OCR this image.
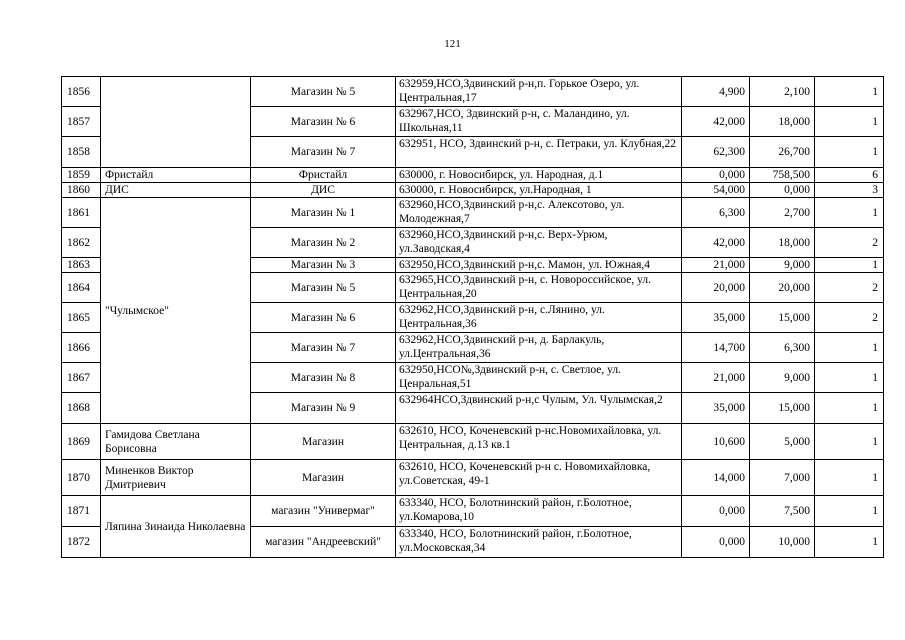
121
1856		Магазин № 5	632959,НСО,Здвинский р-н,п. Горькое Озеро, ул. Центральная,17	4,900	2,100	1
1857		Магазин № 6	632967,НСО, Здвинский р-н, с. Маландино, ул. Школьная,11	42,000	18,000	1
1858		Магазин № 7	632951, НСО, Здвинский р-н, с. Петраки, ул. Клубная,22	62,300	26,700	1
1859	Фристайл	Фристайл	630000, г. Новосибирск, ул. Народная, д.1	0,000	758,500	6
1860	ДИС	ДИС	630000, г. Новосибирск, ул.Народная, 1	54,000	0,000	3
1861	"Чулымское"	Магазин № 1	632960,НСО,Здвинский р-н,с. Алексотово, ул. Молодежная,7	6,300	2,700	1
1862		Магазин № 2	632960,НСО,Здвинский р-н,с. Верх-Урюм, ул.Заводская,4	42,000	18,000	2
1863		Магазин № 3	632950,НСО,Здвинский р-н,с. Мамон, ул. Южная,4	21,000	9,000	1
1864		Магазин № 5	632965,НСО,Здвинский р-н, с. Новороссийское, ул. Центральная,20	20,000	20,000	2
1865		Магазин № 6	632962,НСО,Здвинский р-н, с.Лянино, ул. Центральная,36	35,000	15,000	2
1866		Магазин № 7	632962,НСО,Здвинский р-н, д. Барлакуль, ул.Центральная,36	14,700	6,300	1
1867		Магазин № 8	632950,НСО№,Здвинский р-н, с. Светлое, ул. Ценральная,51	21,000	9,000	1
1868		Магазин № 9	632964НСО,Здвинский р-н,с Чулым, Ул. Чулымская,2	35,000	15,000	1
1869	Гамидова Светлана Борисовна	Магазин	632610, НСО, Коченевский р-нс.Новомихайловка, ул. Центральная, д.13 кв.1	10,600	5,000	1
1870	Миненков Виктор Дмитриевич	Магазин	632610, НСО, Коченевский р-н с. Новомихайловка, ул.Советская, 49-1	14,000	7,000	1
1871	Ляпина Зинаида Николаевна	магазин "Универмаг"	633340, НСО, Болотнинский район, г.Болотное, ул.Комарова,10	0,000	7,500	1
1872		магазин "Андреевский"	633340, НСО, Болотнинский район, г.Болотное, ул.Московская,34	0,000	10,000	1
